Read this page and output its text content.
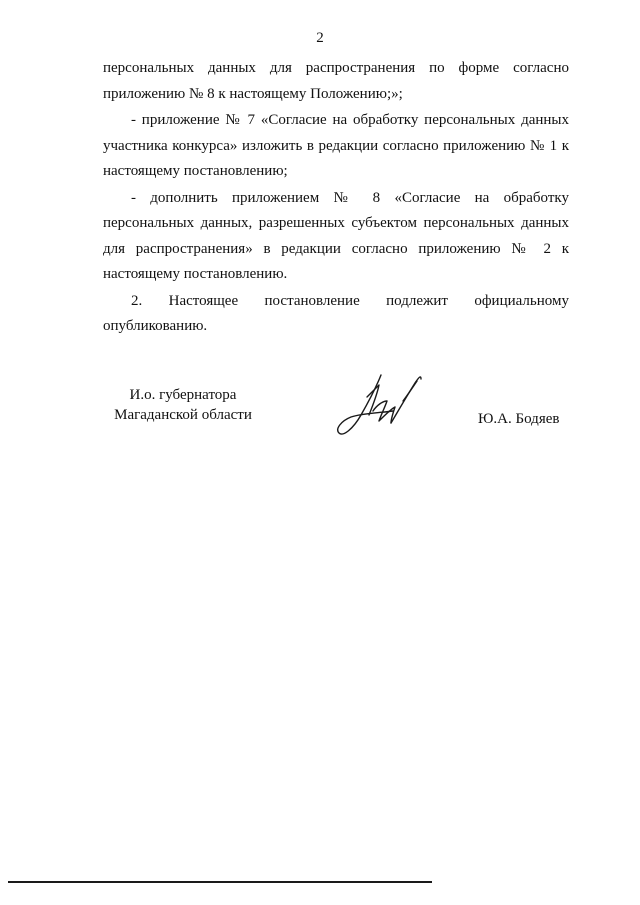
2

персональных данных для распространения по форме согласно приложению № 8 к настоящему Положению;»;

- приложение № 7 «Согласие на обработку персональных данных участника конкурса» изложить в редакции согласно приложению № 1 к настоящему постановлению;

- дополнить приложением № 8 «Согласие на обработку персональных данных, разрешенных субъектом персональных данных для распространения» в редакции согласно приложению № 2 к настоящему постановлению.

2. Настоящее постановление подлежит официальному опубликованию.

И.о. губернатора
Магаданской области	Ю.А. Бодяев
